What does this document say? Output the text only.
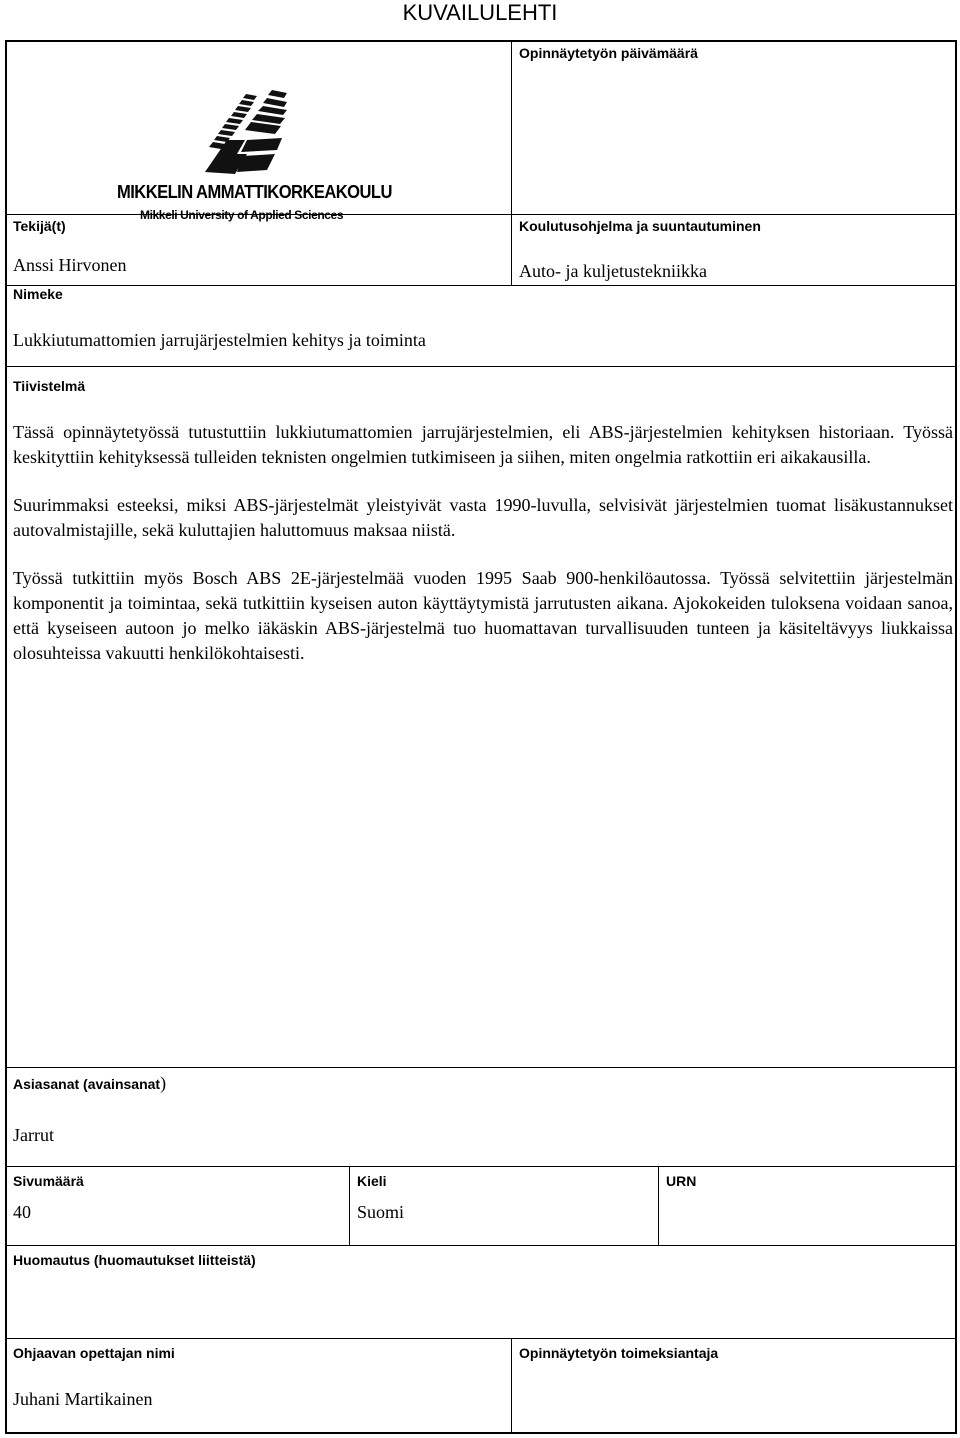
KUVAILULEHTI
MIKKELIN AMMATTIKORKEAKOULU
Mikkeli University of Applied Sciences
Opinnäytetyön päivämäärä
Tekijä(t)
Anssi Hirvonen
Koulutusohjelma ja suuntautuminen
Auto- ja kuljetustekniikka
Nimeke
Lukkiutumattomien jarrujärjestelmien kehitys ja toiminta
Tiivistelmä

Tässä opinnäytetyössä tutustuttiin lukkiutumattomien jarrujärjestelmien, eli ABS-järjestelmien kehityksen historiaan. Työssä keskityttiin kehityksessä tulleiden teknisten ongelmien tutkimiseen ja siihen, miten ongelmia ratkottiin eri aikakausilla.

Suurimmaksi esteeksi, miksi ABS-järjestelmät yleistyivät vasta 1990-luvulla, selvisivät järjestelmien tuomat lisäkustannukset autovalmistajille, sekä kuluttajien haluttomuus maksaa niistä.

Työssä tutkittiin myös Bosch ABS 2E-järjestelmää vuoden 1995 Saab 900-henkilöautossa. Työssä selvitettiin järjestelmän komponentit ja toimintaa, sekä tutkittiin kyseisen auton käyttäytymistä jarrutusten aikana. Ajokokeiden tuloksena voidaan sanoa, että kyseiseen autoon jo melko iäkäskin ABS-järjestelmä tuo huomattavan turvallisuuden tunteen ja käsiteltävyys liukkaissa olosuhteissa vakuutti henkilökohtaisesti.

Asiasanat (avainsanat)
Jarrut
Sivumäärä
40
Kieli
Suomi
URN
Huomautus (huomautukset liitteistä)
Ohjaavan opettajan nimi
Juhani Martikainen
Opinnäytetyön toimeksiantaja
